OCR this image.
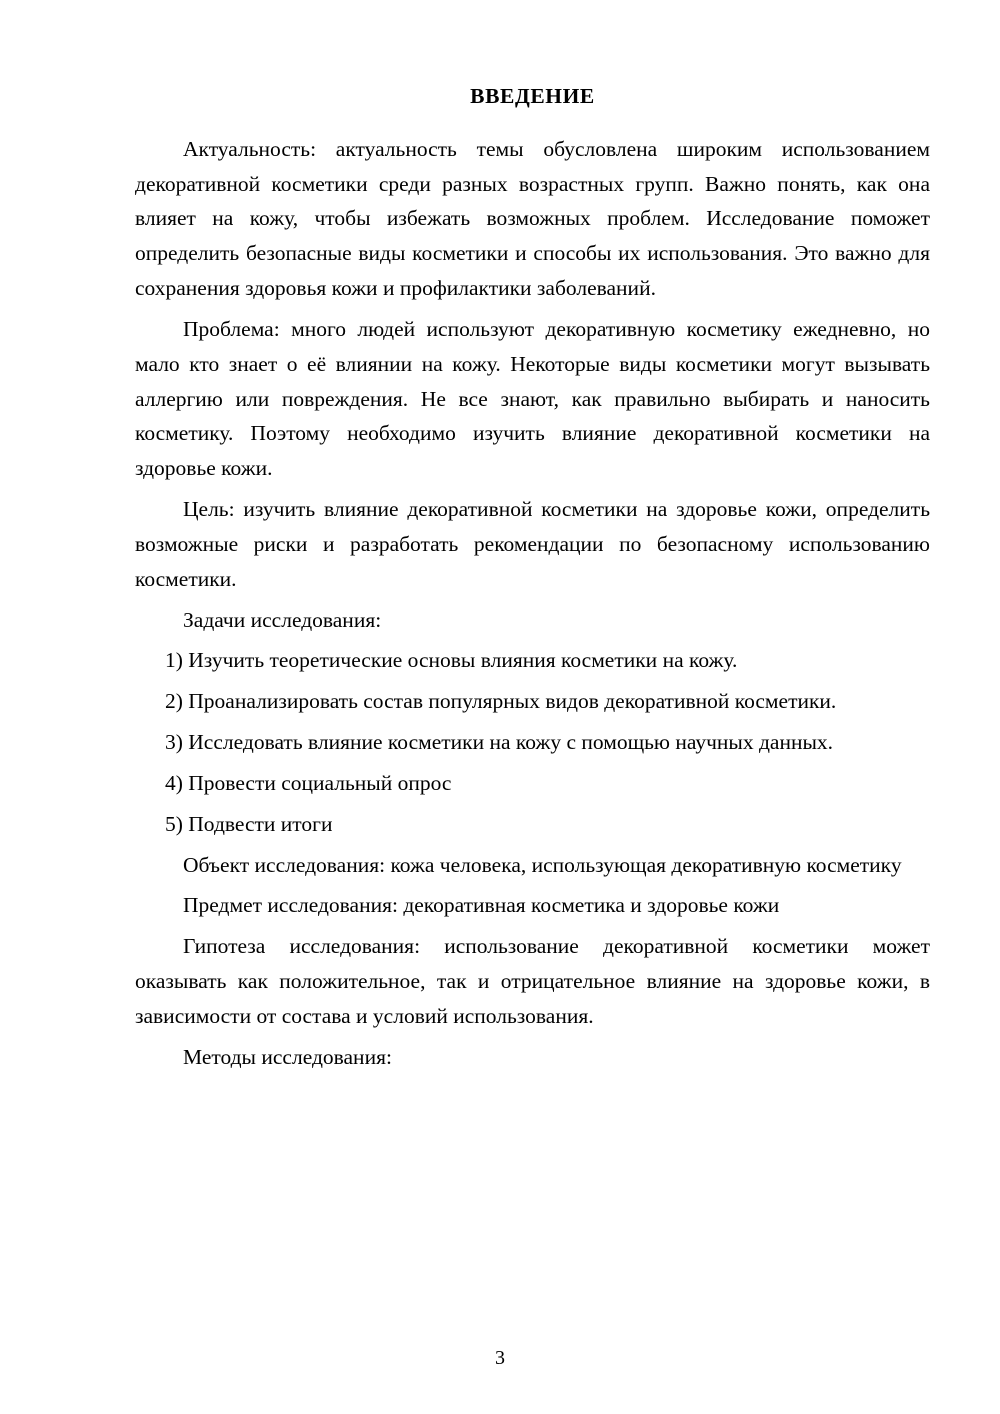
ВВЕДЕНИЕ

Актуальность: актуальность темы обусловлена широким использованием декоративной косметики среди разных возрастных групп. Важно понять, как она влияет на кожу, чтобы избежать возможных проблем. Исследование поможет определить безопасные виды косметики и способы их использования. Это важно для сохранения здоровья кожи и профилактики заболеваний.

Проблема: много людей используют декоративную косметику ежедневно, но мало кто знает о её влиянии на кожу. Некоторые виды косметики могут вызывать аллергию или повреждения. Не все знают, как правильно выбирать и наносить косметику. Поэтому необходимо изучить влияние декоративной косметики на здоровье кожи.

Цель: изучить влияние декоративной косметики на здоровье кожи, определить возможные риски и разработать рекомендации по безопасному использованию косметики.

Задачи исследования:

1) Изучить теоретические основы влияния косметики на кожу.

2) Проанализировать состав популярных видов декоративной косметики.

3) Исследовать влияние косметики на кожу с помощью научных данных.

4) Провести социальный опрос

5) Подвести итоги

Объект исследования: кожа человека, использующая декоративную косметику

Предмет исследования: декоративная косметика и здоровье кожи

Гипотеза исследования: использование декоративной косметики может оказывать как положительное, так и отрицательное влияние на здоровье кожи, в зависимости от состава и условий использования.

Методы исследования:

3
